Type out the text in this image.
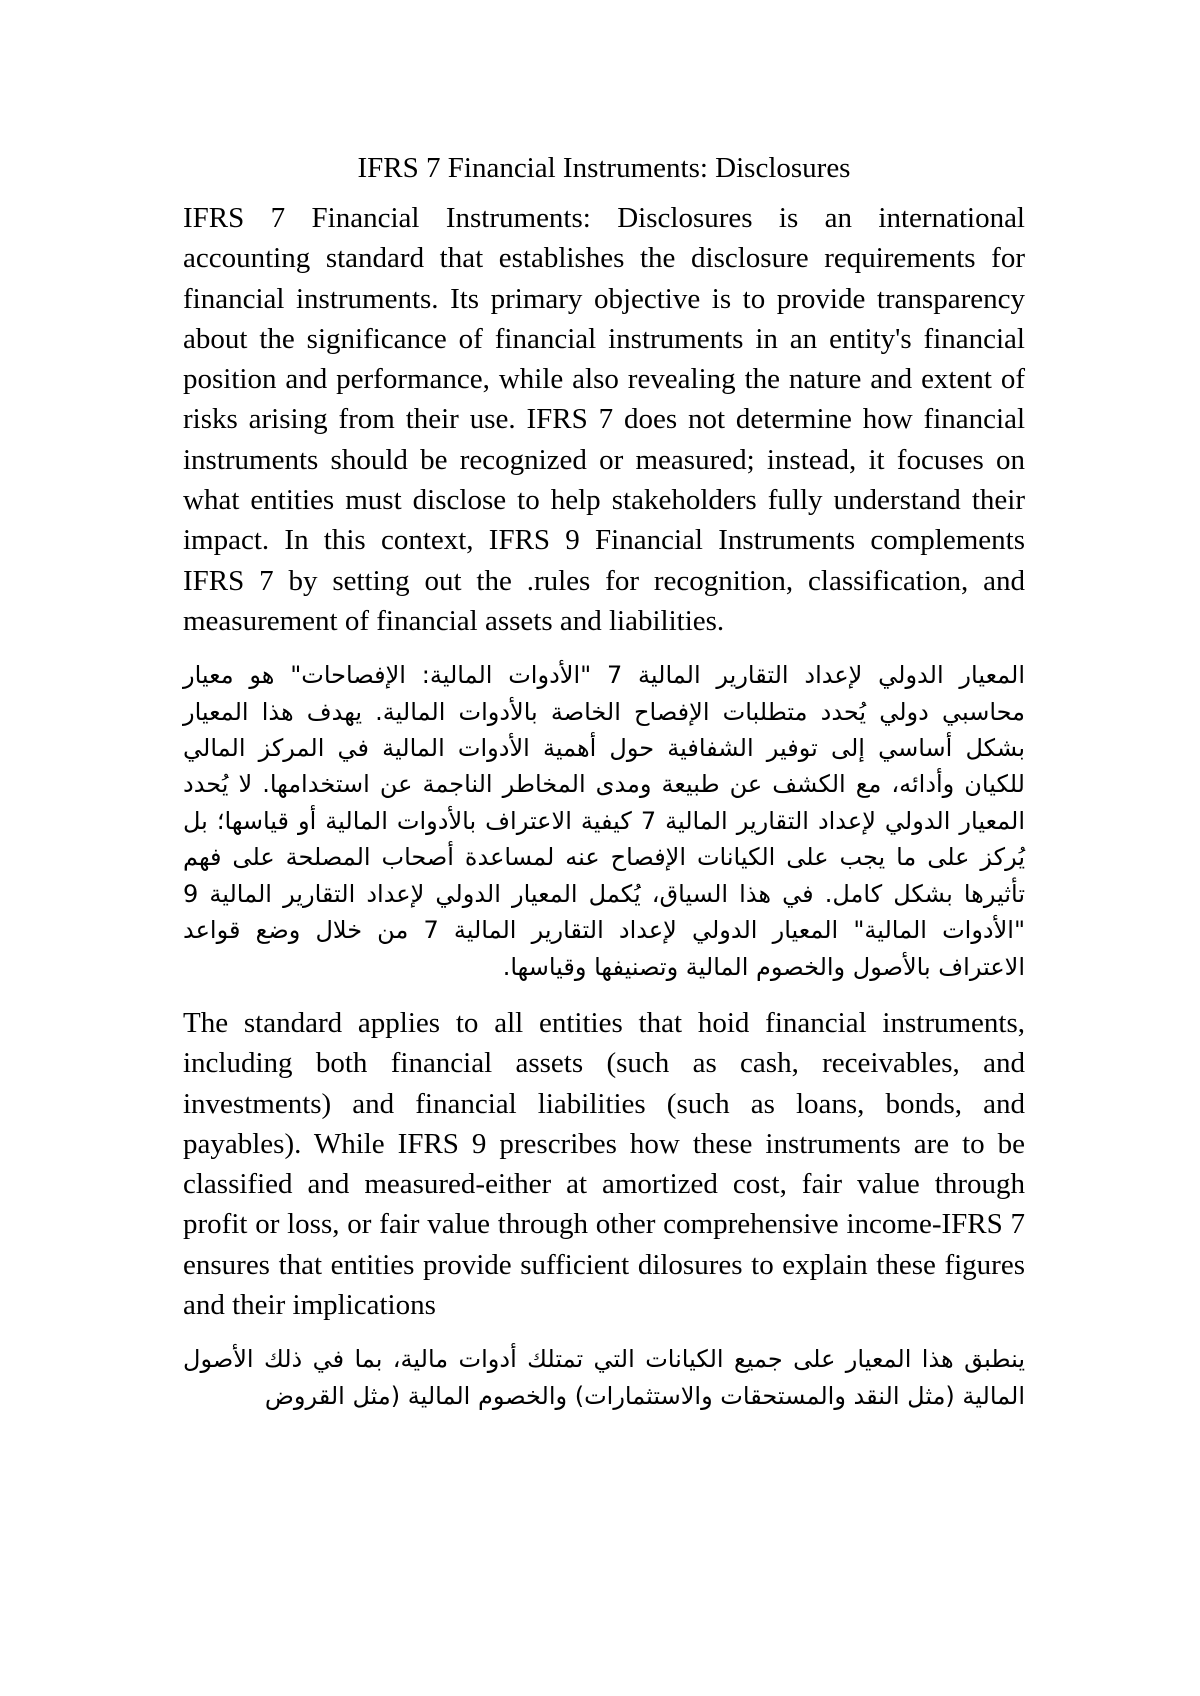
IFRS 7 Financial Instruments: Disclosures

IFRS 7 Financial Instruments: Disclosures is an international accounting standard that establishes the disclosure requirements for financial instruments. Its primary objective is to provide transparency about the significance of financial instruments in an entity's financial position and performance, while also revealing the nature and extent of risks arising from their use. IFRS 7 does not determine how financial instruments should be recognized or measured; instead, it focuses on what entities must disclose to help stakeholders fully understand their impact. In this context, IFRS 9 Financial Instruments complements IFRS 7 by setting out the .rules for recognition, classification, and measurement of financial assets and liabilities.

المعيار الدولي لإعداد التقارير المالية 7 "الأدوات المالية: الإفصاحات" هو معيار محاسبي دولي يُحدد متطلبات الإفصاح الخاصة بالأدوات المالية. يهدف هذا المعيار بشكل أساسي إلى توفير الشفافية حول أهمية الأدوات المالية في المركز المالي للكيان وأدائه، مع الكشف عن طبيعة ومدى المخاطر الناجمة عن استخدامها. لا يُحدد المعيار الدولي لإعداد التقارير المالية 7 كيفية الاعتراف بالأدوات المالية أو قياسها؛ بل يُركز على ما يجب على الكيانات الإفصاح عنه لمساعدة أصحاب المصلحة على فهم تأثيرها بشكل كامل. في هذا السياق، يُكمل المعيار الدولي لإعداد التقارير المالية 9 "الأدوات المالية" المعيار الدولي لإعداد التقارير المالية 7 من خلال وضع قواعد الاعتراف بالأصول والخصوم المالية وتصنيفها وقياسها.

The standard applies to all entities that hoid financial instruments, including both financial assets (such as cash, receivables, and investments) and financial liabilities (such as loans, bonds, and payables). While IFRS 9 prescribes how these instruments are to be classified and measured-either at amortized cost, fair value through profit or loss, or fair value through other comprehensive income-IFRS 7 ensures that entities provide sufficient dilosures to explain these figures and their implications

ينطبق هذا المعيار على جميع الكيانات التي تمتلك أدوات مالية، بما في ذلك الأصول المالية (مثل النقد والمستحقات والاستثمارات) والخصوم المالية (مثل القروض
